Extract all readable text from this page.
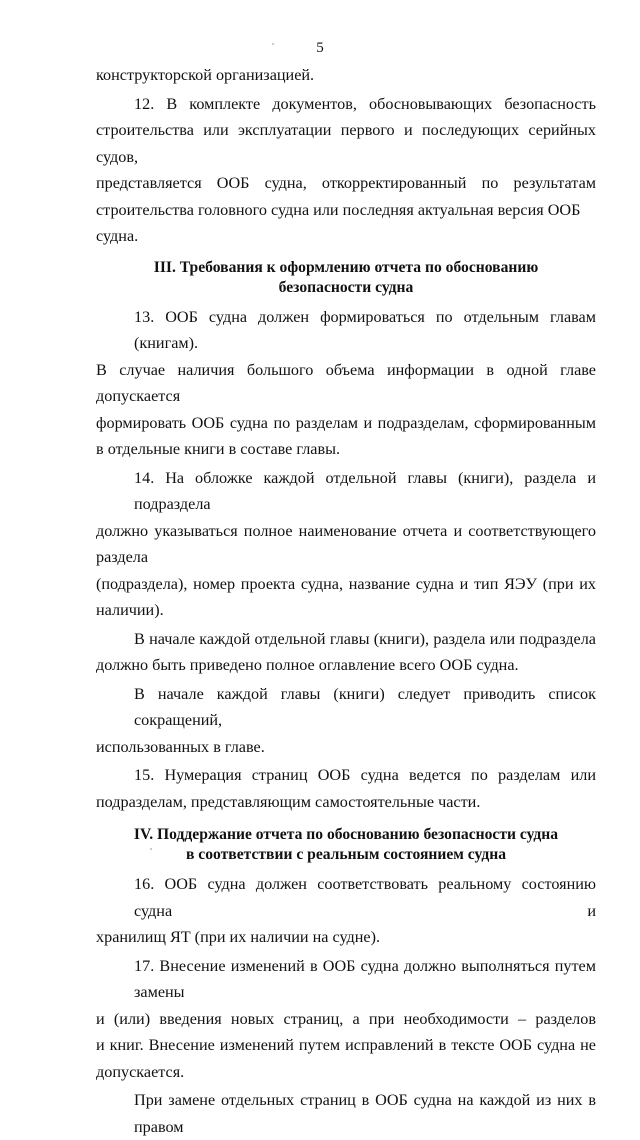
5

конструкторской организацией.

12. В комплекте документов, обосновывающих безопасность
строительства или эксплуатации первого и последующих серийных судов,
представляется ООБ судна, откорректированный по результатам
строительства головного судна или последняя актуальная версия ООБ судна.

III. Требования к оформлению отчета по обоснованию
безопасности судна

13. ООБ судна должен формироваться по отдельным главам (книгам).
В случае наличия большого объема информации в одной главе допускается
формировать ООБ судна по разделам и подразделам, сформированным
в отдельные книги в составе главы.

14. На обложке каждой отдельной главы (книги), раздела и подраздела
должно указываться полное наименование отчета и соответствующего раздела
(подраздела), номер проекта судна, название судна и тип ЯЭУ (при их
наличии).

В начале каждой отдельной главы (книги), раздела или подраздела
должно быть приведено полное оглавление всего ООБ судна.

В начале каждой главы (книги) следует приводить список сокращений,
использованных в главе.

15. Нумерация страниц ООБ судна ведется по разделам или
подразделам, представляющим самостоятельные части.

IV. Поддержание отчета по обоснованию безопасности судна
в соответствии с реальным состоянием судна

16. ООБ судна должен соответствовать реальному состоянию судна и
хранилищ ЯТ (при их наличии на судне).

17. Внесение изменений в ООБ судна должно выполняться путем замены
и (или) введения новых страниц, а при необходимости – разделов
и книг. Внесение изменений путем исправлений в тексте ООБ судна не
допускается.

При замене отдельных страниц в ООБ судна на каждой из них в правом
